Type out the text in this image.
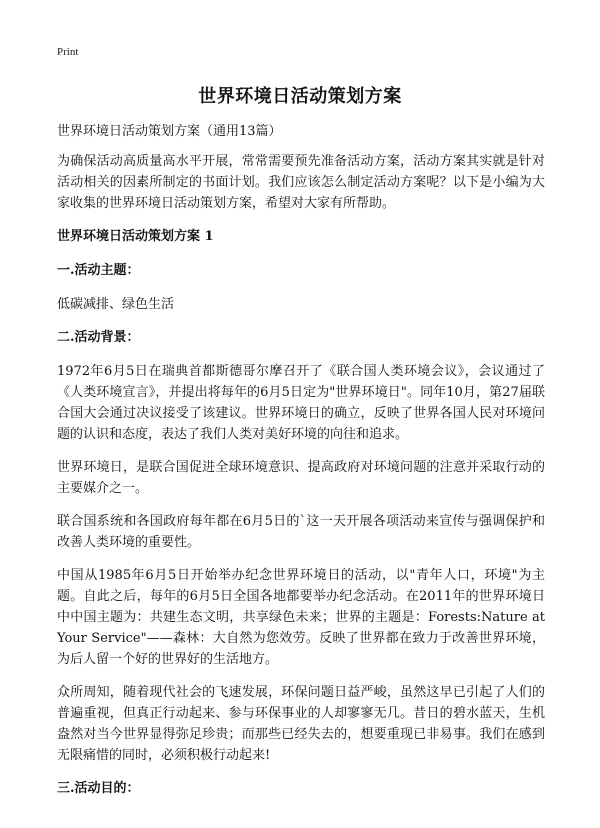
Print
世界环境日活动策划方案

世界环境日活动策划方案（通用13篇）

为确保活动高质量高水平开展，常常需要预先准备活动方案，活动方案其实就是针对活动相关的因素所制定的书面计划。我们应该怎么制定活动方案呢？以下是小编为大家收集的世界环境日活动策划方案，希望对大家有所帮助。

世界环境日活动策划方案 1

一.活动主题：

低碳减排、绿色生活

二.活动背景：

1972年6月5日在瑞典首都斯德哥尔摩召开了《联合国人类环境会议》，会议通过了《人类环境宣言》，并提出将每年的6月5日定为"世界环境日"。同年10月，第27届联合国大会通过决议接受了该建议。世界环境日的确立，反映了世界各国人民对环境问题的认识和态度，表达了我们人类对美好环境的向往和追求。

世界环境日，是联合国促进全球环境意识、提高政府对环境问题的注意并采取行动的主要媒介之一。

联合国系统和各国政府每年都在6月5日的`这一天开展各项活动来宣传与强调保护和改善人类环境的重要性。

中国从1985年6月5日开始举办纪念世界环境日的活动，以"青年人口，环境"为主题。自此之后，每年的6月5日全国各地都要举办纪念活动。在2011年的世界环境日中中国主题为：共建生态文明，共享绿色未来；世界的主题是：Forests:Nature at Your Service"——森林：大自然为您效劳。反映了世界都在致力于改善世界环境，为后人留一个好的世界好的生活地方。

众所周知，随着现代社会的飞速发展，环保问题日益严峻，虽然这早已引起了人们的普遍重视，但真正行动起来、参与环保事业的人却寥寥无几。昔日的碧水蓝天，生机盎然对当今世界显得弥足珍贵；而那些已经失去的，想要重现已非易事。我们在感到无限痛惜的同时，必须积极行动起来!

三.活动目的：
